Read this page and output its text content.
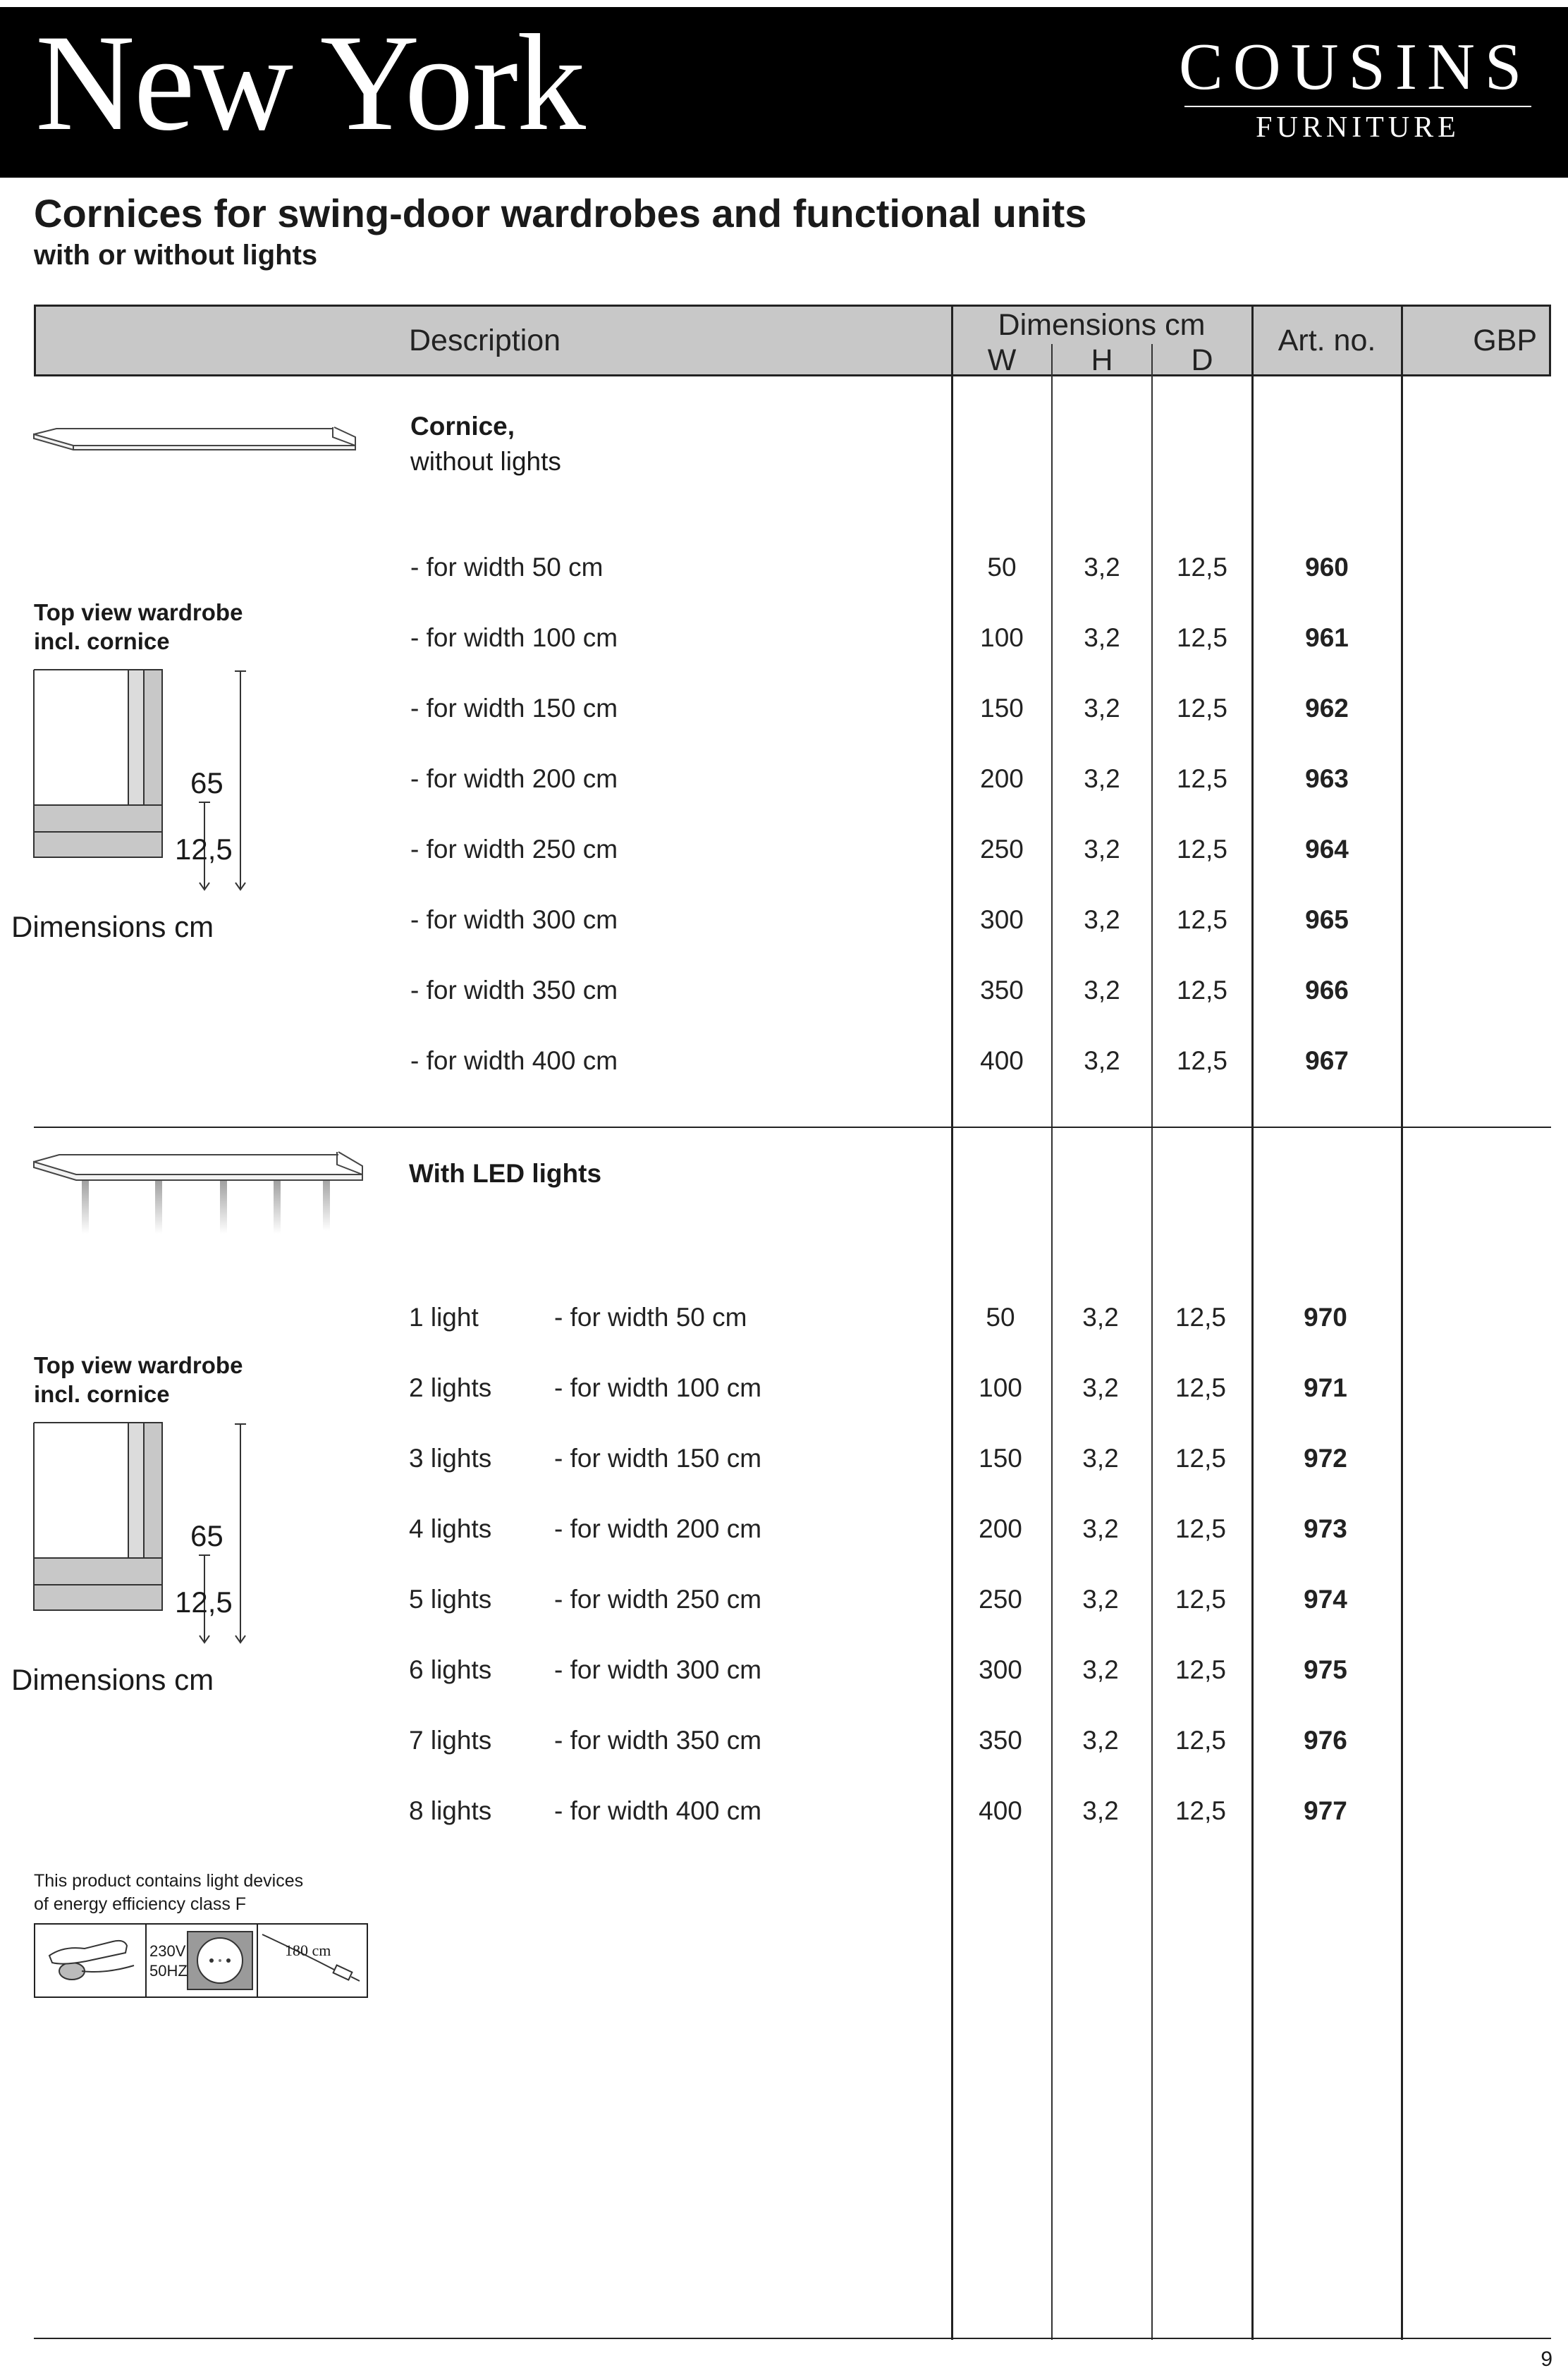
New York	COUSINS
FURNITURE
Cornices for swing-door wardrobes and functional units
with or without lights
Description	Dimensions cm
W	H	D
Art. no.	GBP
Cornice,
without lights
Top view wardrobe
incl. cornice
65
12,5
Dimensions cm
- for width 50 cm	50	3,2	12,5	960
- for width 100 cm	100	3,2	12,5	961
- for width 150 cm	150	3,2	12,5	962
- for width 200 cm	200	3,2	12,5	963
- for width 250 cm	250	3,2	12,5	964
- for width 300 cm	300	3,2	12,5	965
- for width 350 cm	350	3,2	12,5	966
- for width 400 cm	400	3,2	12,5	967
With LED lights
Top view wardrobe
incl. cornice
65
12,5
Dimensions cm
1 light	- for width 50 cm	50	3,2	12,5	970
2 lights - for width 100 cm	100	3,2	12,5	971
3 lights - for width 150 cm	150	3,2	12,5	972
4 lights - for width 200 cm	200	3,2	12,5	973
5 lights - for width 250 cm	250	3,2	12,5	974
6 lights - for width 300 cm	300	3,2	12,5	975
7 lights - for width 350 cm	350	3,2	12,5	976
8 lights - for width 400 cm	400	3,2	12,5	977
This product contains light devices
of energy efficiency class F
230V
50HZ
180 cm
9
